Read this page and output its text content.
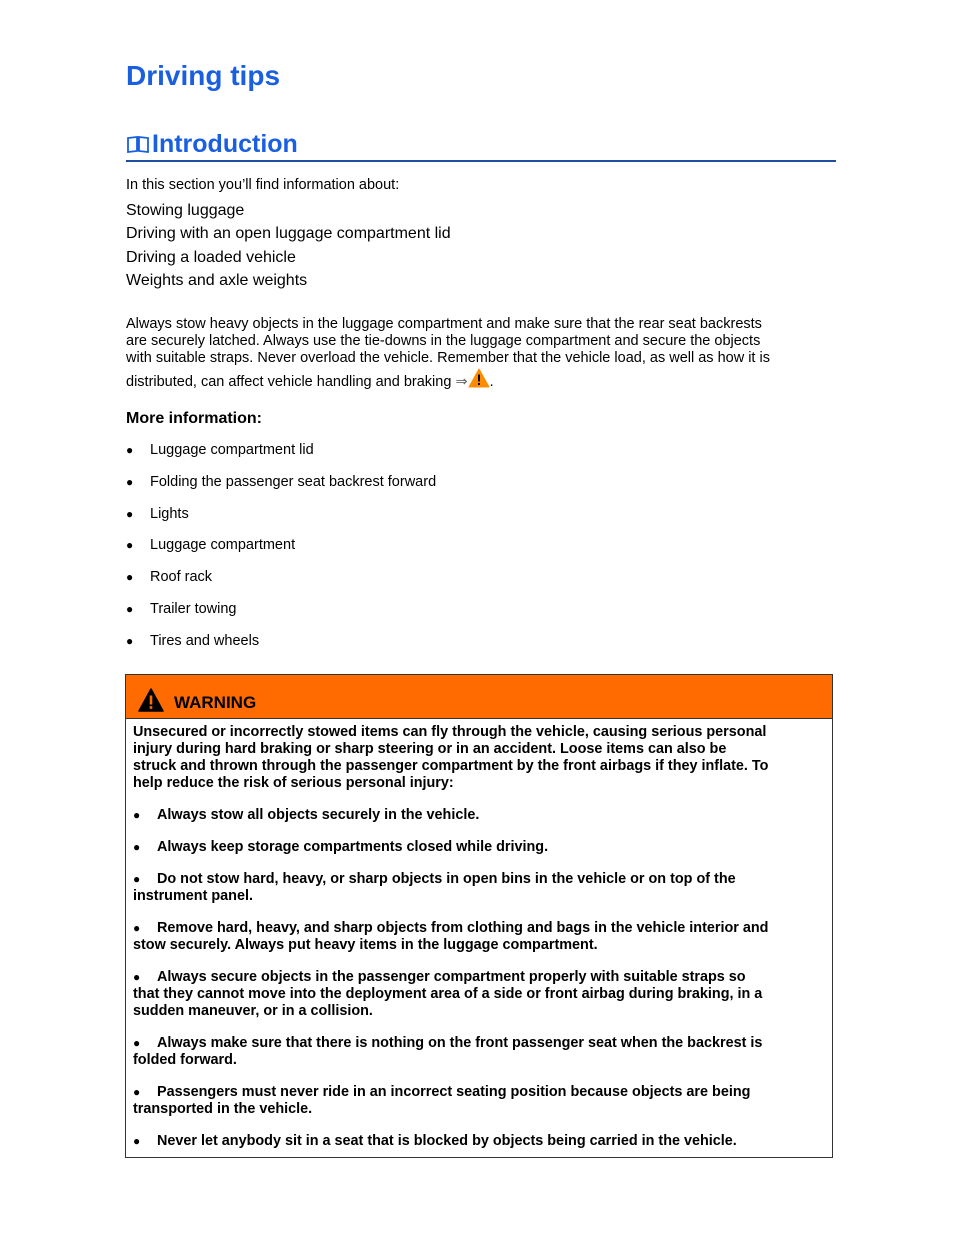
Driving tips
Introduction
In this section you’ll find information about:
Stowing luggage
Driving with an open luggage compartment lid
Driving a loaded vehicle
Weights and axle weights

Always stow heavy objects in the luggage compartment and make sure that the rear seat backrests
are securely latched. Always use the tie-downs in the luggage compartment and secure the objects
with suitable straps. Never overload the vehicle. Remember that the vehicle load, as well as how it is
distributed, can affect vehicle handling and braking ⇒ .

More information:
●	Luggage compartment lid
●	Folding the passenger seat backrest forward
●	Lights
●	Luggage compartment
●	Roof rack
●	Trailer towing
●	Tires and wheels
WARNING

Unsecured or incorrectly stowed items can fly through the vehicle, causing serious personal
injury during hard braking or sharp steering or in an accident. Loose items can also be
struck and thrown through the passenger compartment by the front airbags if they inflate. To
help reduce the risk of serious personal injury:

● Always stow all objects securely in the vehicle.

● Always keep storage compartments closed while driving.

● Do not stow hard, heavy, or sharp objects in open bins in the vehicle or on top of the
instrument panel.

● Remove hard, heavy, and sharp objects from clothing and bags in the vehicle interior and
stow securely. Always put heavy items in the luggage compartment.

● Always secure objects in the passenger compartment properly with suitable straps so
that they cannot move into the deployment area of a side or front airbag during braking, in a
sudden maneuver, or in a collision.

● Always make sure that there is nothing on the front passenger seat when the backrest is
folded forward.

● Passengers must never ride in an incorrect seating position because objects are being
transported in the vehicle.

● Never let anybody sit in a seat that is blocked by objects being carried in the vehicle.
